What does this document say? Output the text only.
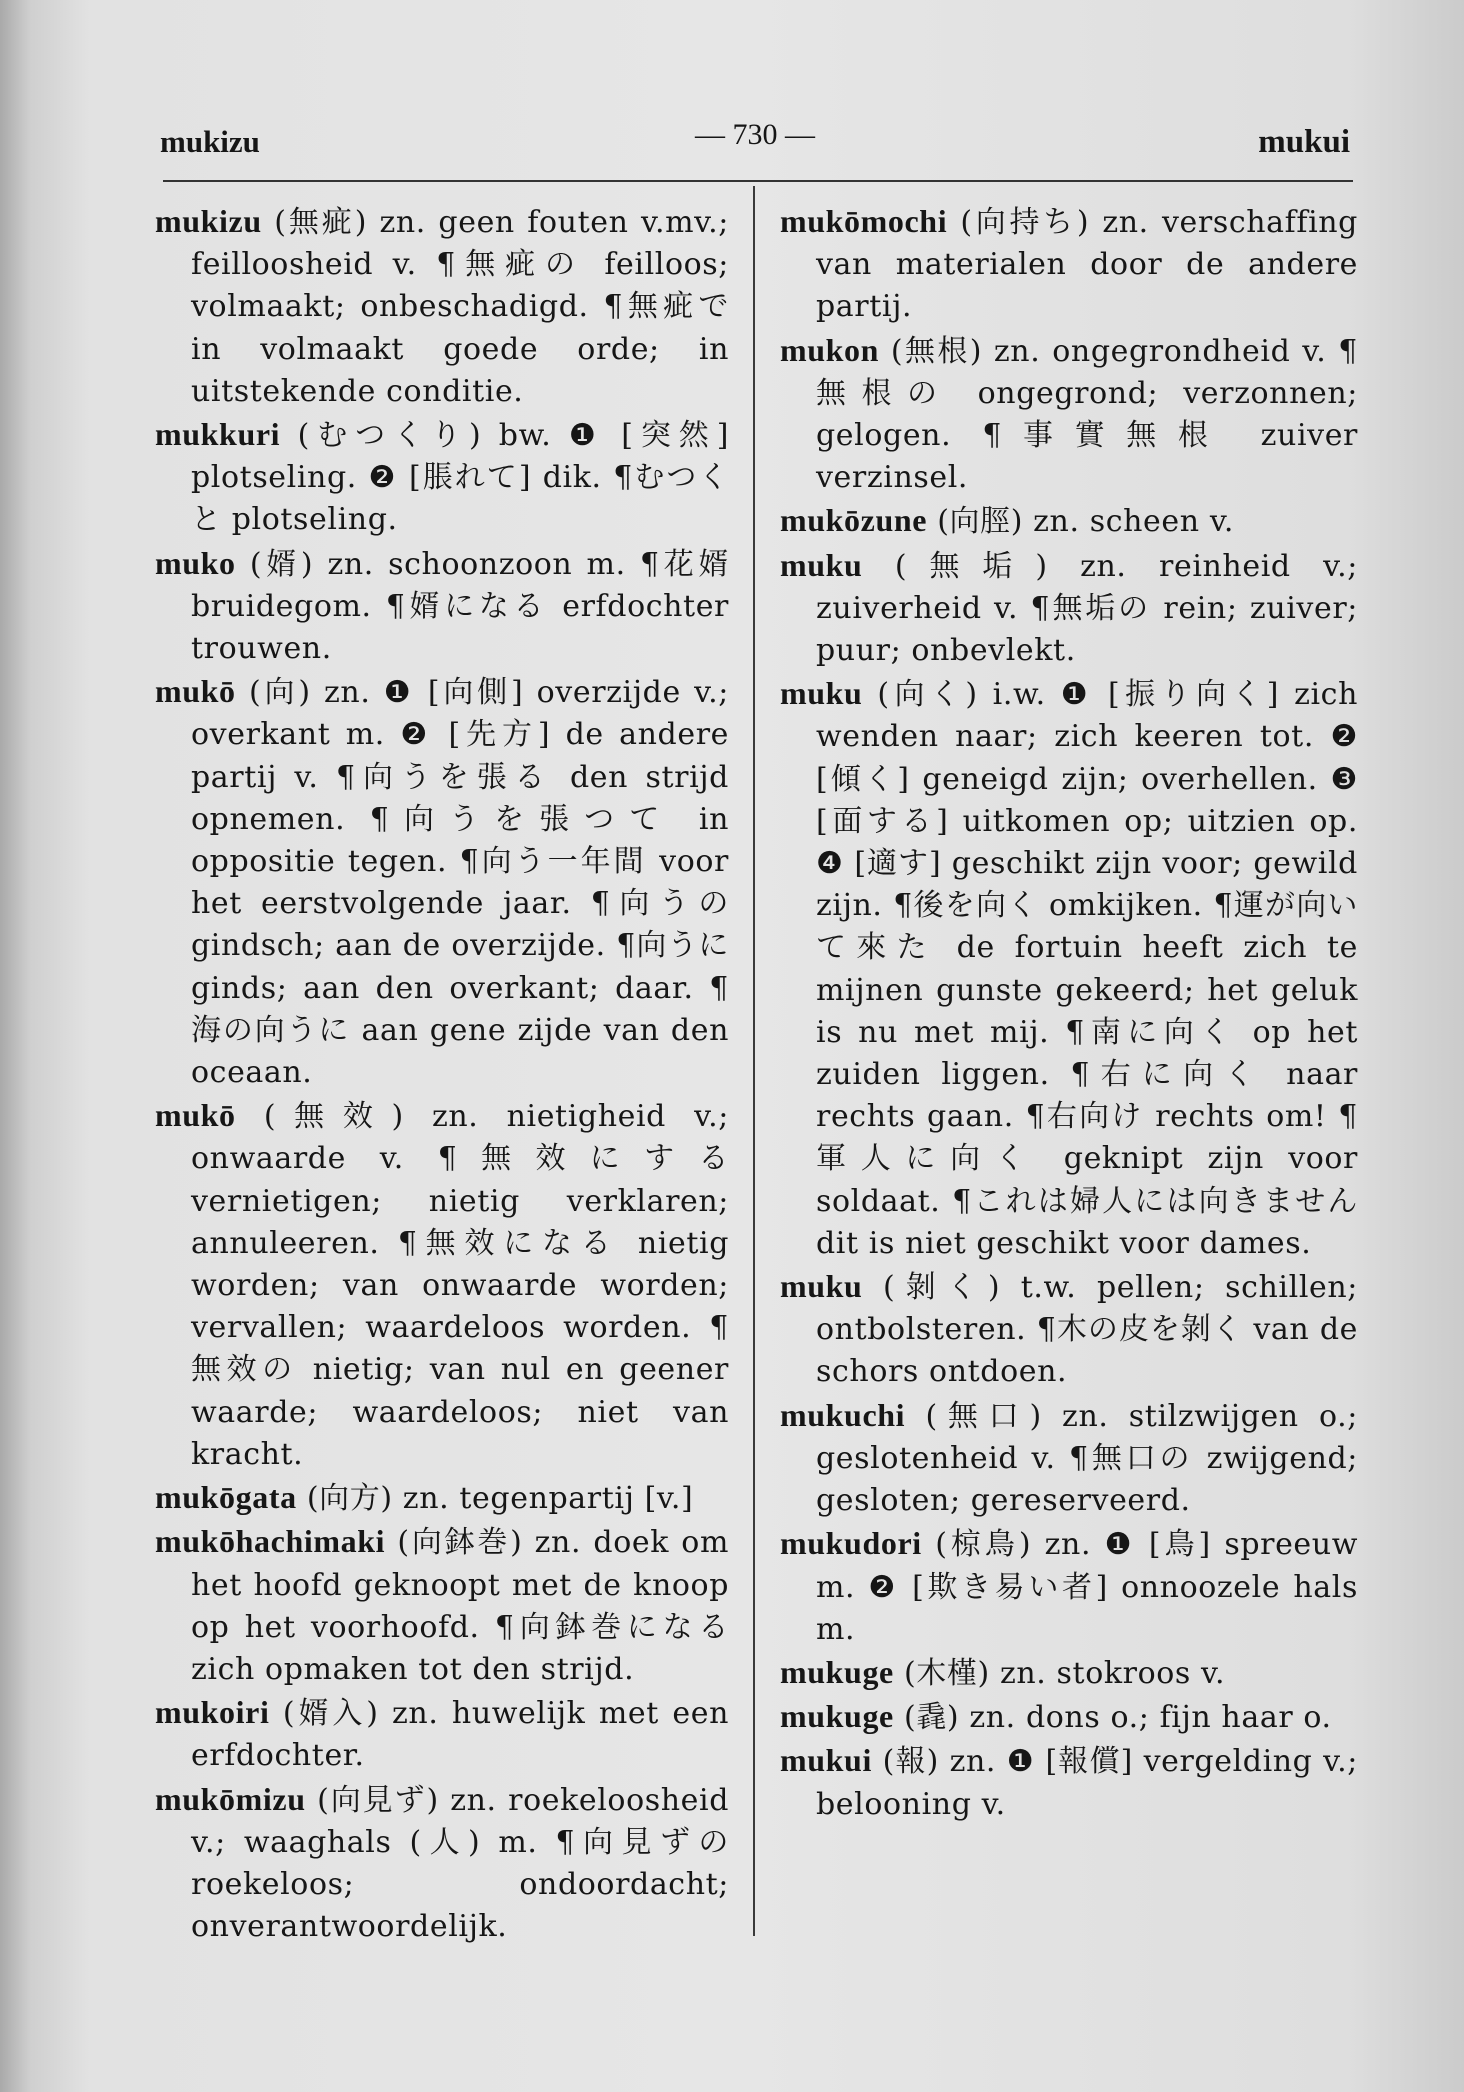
mukizu	— 730 —	mukui

mukizu (無疵) zn. geen fouten v.mv.; feilloosheid v. ¶無疵の feilloos; volmaakt; onbeschadigd. ¶無疵で in volmaakt goede orde; in uitstekende conditie.

mukkuri (むつくり) bw. ❶ [突然] plotseling. ❷ [脹れて] dik. ¶むつくと plotseling.

muko (婿) zn. schoonzoon m. ¶花婿 bruidegom. ¶婿になる erfdochter trouwen.

mukō (向) zn. ❶ [向側] overzijde v.; overkant m. ❷ [先方] de andere partij v. ¶向うを張る den strijd opnemen. ¶向うを張つて in oppositie tegen. ¶向う一年間 voor het eerstvolgende jaar. ¶向うの gindsch; aan de overzijde. ¶向うに ginds; aan den overkant; daar. ¶海の向うに aan gene zijde van den oceaan.

mukō (無效) zn. nietigheid v.; onwaarde v. ¶無效にする vernietigen; nietig verklaren; annuleeren. ¶無效になる nietig worden; van onwaarde worden; vervallen; waardeloos worden. ¶無效の nietig; van nul en geener waarde; waardeloos; niet van kracht.

mukōgata (向方) zn. tegenpartij [v.]

mukōhachimaki (向鉢巻) zn. doek om het hoofd geknoopt met de knoop op het voorhoofd. ¶向鉢巻になる zich opmaken tot den strijd.

mukoiri (婿入) zn. huwelijk met een erfdochter.

mukōmizu (向見ず) zn. roekeloosheid v.; waaghals (人) m. ¶向見ずの roekeloos; ondoordacht; onverantwoordelijk.

mukōmochi (向持ち) zn. verschaffing van materialen door de andere partij.

mukon (無根) zn. ongegrondheid v. ¶無根の ongegrond; verzonnen; gelogen. ¶事實無根 zuiver verzinsel.

mukōzune (向脛) zn. scheen v.

muku (無垢) zn. reinheid v.; zuiverheid v. ¶無垢の rein; zuiver; puur; onbevlekt.

muku (向く) i.w. ❶ [振り向く] zich wenden naar; zich keeren tot. ❷ [傾く] geneigd zijn; overhellen. ❸ [面する] uitkomen op; uitzien op. ❹ [適す] geschikt zijn voor; gewild zijn. ¶後を向く omkijken. ¶運が向いて來た de fortuin heeft zich te mijnen gunste gekeerd; het geluk is nu met mij. ¶南に向く op het zuiden liggen. ¶右に向く naar rechts gaan. ¶右向け rechts om! ¶軍人に向く geknipt zijn voor soldaat. ¶これは婦人には向きません dit is niet geschikt voor dames.

muku (剝く) t.w. pellen; schillen; ontbolsteren. ¶木の皮を剝く van de schors ontdoen.

mukuchi (無口) zn. stilzwijgen o.; geslotenheid v. ¶無口の zwijgend; gesloten; gereserveerd.

mukudori (椋鳥) zn. ❶ [鳥] spreeuw m. ❷ [欺き易い者] onnoozele hals m.

mukuge (木槿) zn. stokroos v.

mukuge (毳) zn. dons o.; fijn haar o.

mukui (報) zn. ❶ [報償] vergelding v.; belooning v.
